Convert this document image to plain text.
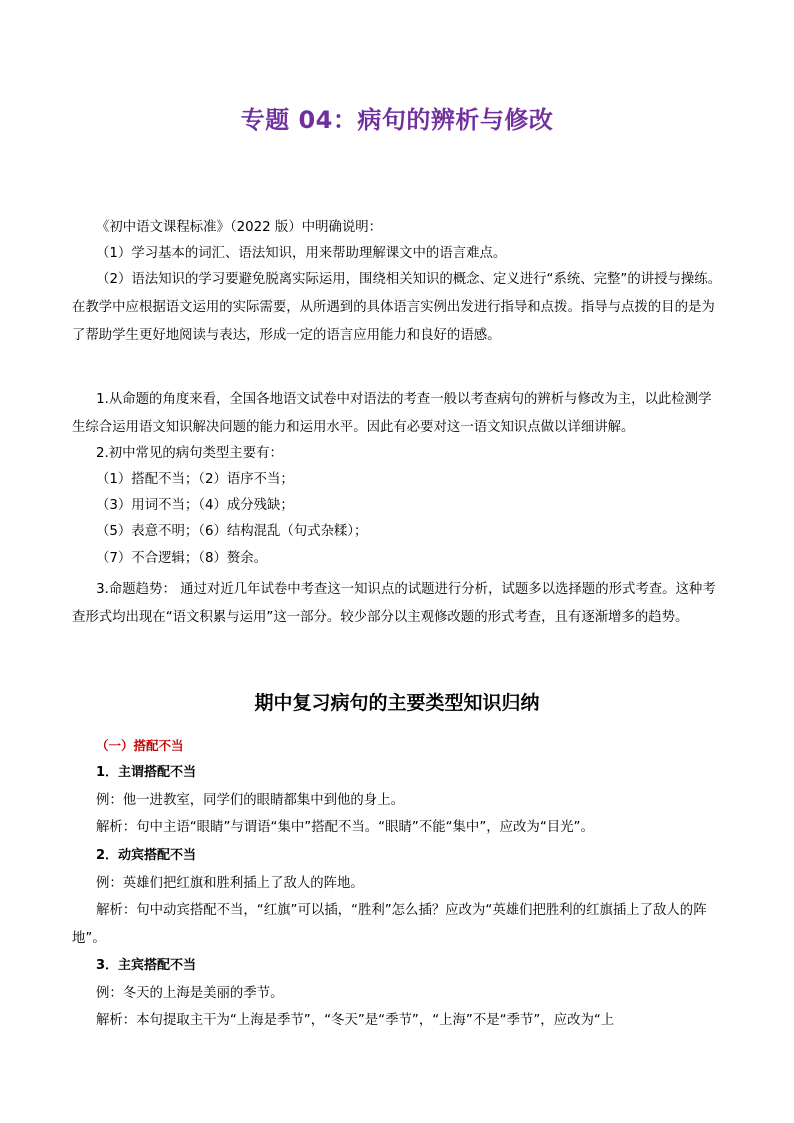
专题 04：病句的辨析与修改
《初中语文课程标准》（2022 版）中明确说明：
（1）学习基本的词汇、语法知识，用来帮助理解课文中的语言难点。
（2）语法知识的学习要避免脱离实际运用，围绕相关知识的概念、定义进行“系统、完整”的讲授与操练。在教学中应根据语文运用的实际需要，从所遇到的具体语言实例出发进行指导和点拨。指导与点拨的目的是为了帮助学生更好地阅读与表达，形成一定的语言应用能力和良好的语感。
1.从命题的角度来看，全国各地语文试卷中对语法的考查一般以考查病句的辨析与修改为主，以此检测学生综合运用语文知识解决问题的能力和运用水平。因此有必要对这一语文知识点做以详细讲解。
2.初中常见的病句类型主要有：
（1）搭配不当；（2）语序不当；
（3）用词不当；（4）成分残缺；
（5）表意不明；（6）结构混乱（句式杂糅）；
（7）不合逻辑；（8）赘余。
3.命题趋势： 通过对近几年试卷中考查这一知识点的试题进行分析，试题多以选择题的形式考查。这种考查形式均出现在“语文积累与运用”这一部分。较少部分以主观修改题的形式考查，且有逐渐增多的趋势。
期中复习病句的主要类型知识归纳
（一）搭配不当
1．主谓搭配不当
例：他一进教室，同学们的眼睛都集中到他的身上。
解析：句中主语“眼睛”与谓语“集中”搭配不当。“眼睛”不能“集中”，应改为“目光”。
2．动宾搭配不当
例：英雄们把红旗和胜利插上了敌人的阵地。
解析：句中动宾搭配不当，“红旗”可以插，“胜利”怎么插？应改为“英雄们把胜利的红旗插上了敌人的阵地”。
3．主宾搭配不当
例：冬天的上海是美丽的季节。
解析：本句提取主干为“上海是季节”，“冬天”是“季节”，“上海”不是“季节”，应改为“上
